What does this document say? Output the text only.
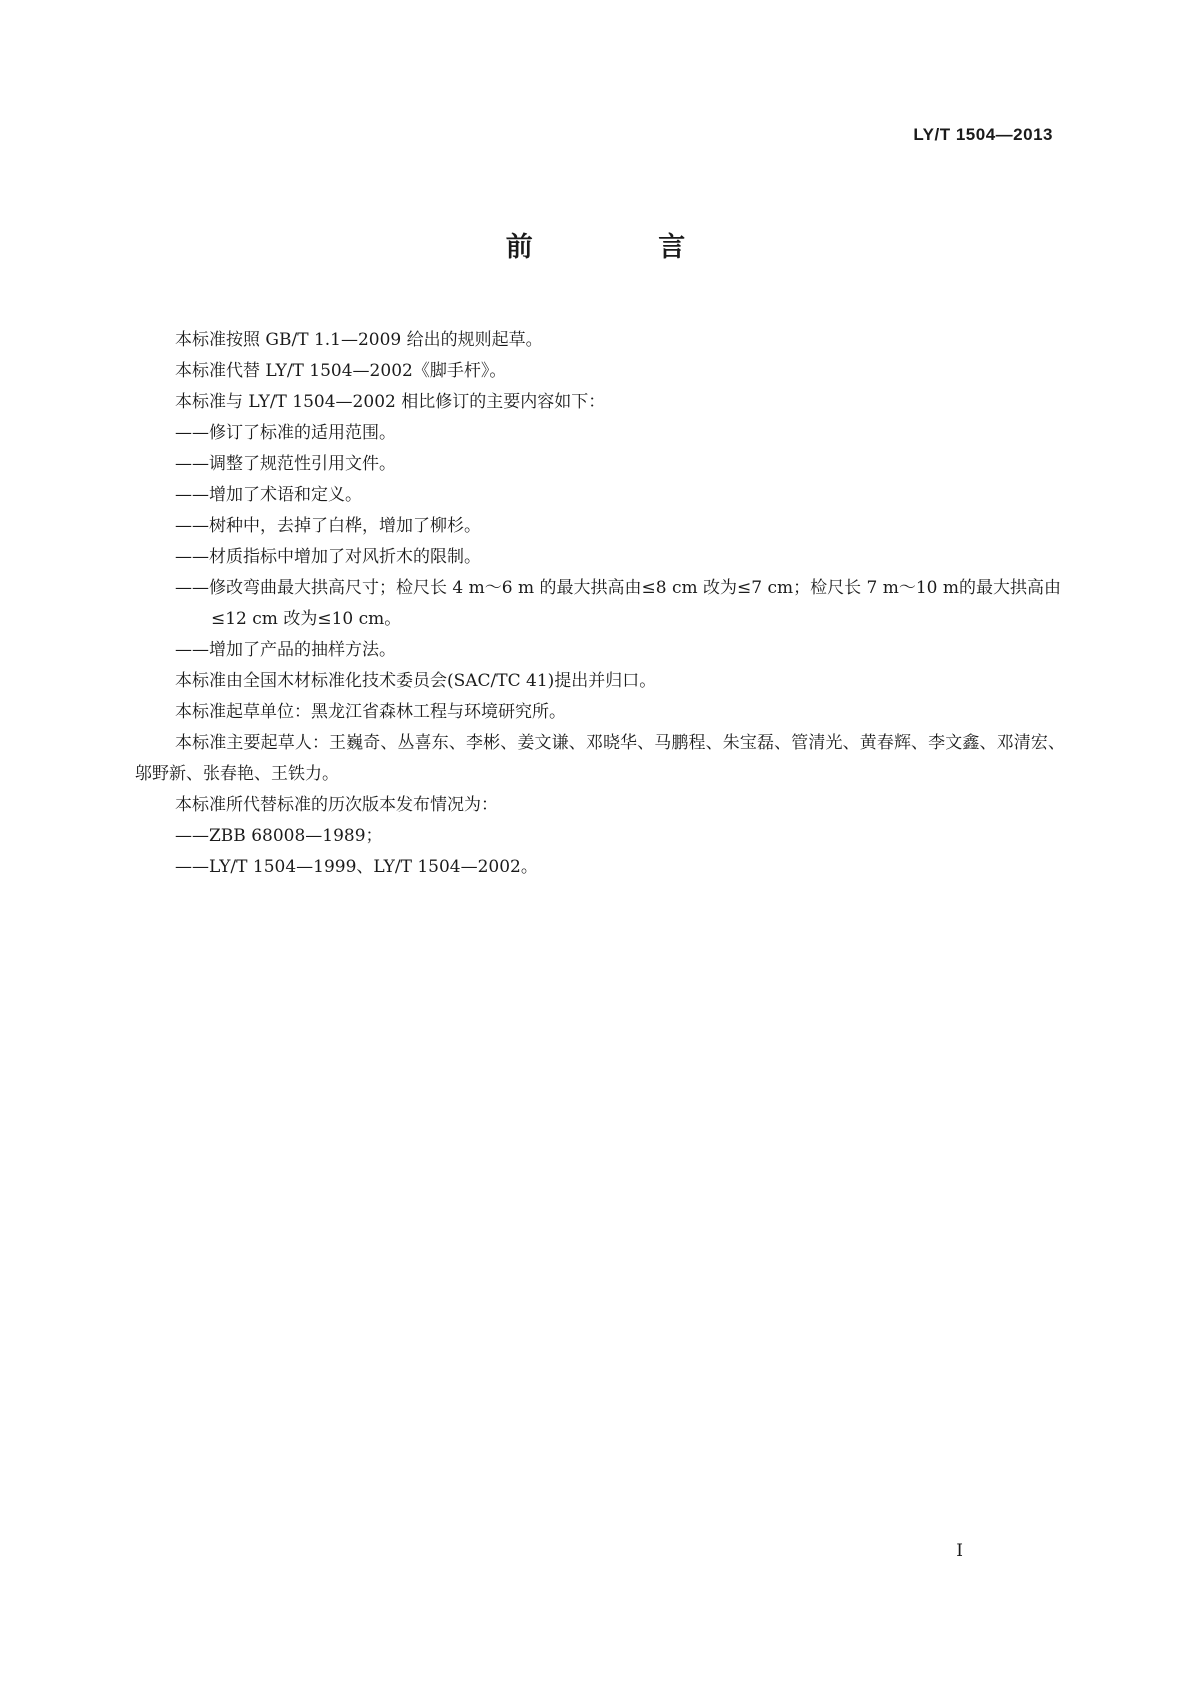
LY/T 1504—2013
前 言

本标准按照 GB/T 1.1—2009 给出的规则起草。

本标准代替 LY/T 1504—2002《脚手杆》。

本标准与 LY/T 1504—2002 相比修订的主要内容如下：

——修订了标准的适用范围。

——调整了规范性引用文件。

——增加了术语和定义。

——树种中，去掉了白桦，增加了柳杉。

——材质指标中增加了对风折木的限制。

——修改弯曲最大拱高尺寸；检尺长 4 m～6 m 的最大拱高由≤8 cm 改为≤7 cm；检尺长 7 m～10 m的最大拱高由≤12 cm 改为≤10 cm。

——增加了产品的抽样方法。

本标准由全国木材标准化技术委员会(SAC/TC 41)提出并归口。

本标准起草单位：黑龙江省森林工程与环境研究所。

本标准主要起草人：王巍奇、丛喜东、李彬、姜文谦、邓晓华、马鹏程、朱宝磊、管清光、黄春辉、李文鑫、邓清宏、邬野新、张春艳、王铁力。

本标准所代替标准的历次版本发布情况为：

——ZBB 68008—1989；

——LY/T 1504—1999、LY/T 1504—2002。

I
